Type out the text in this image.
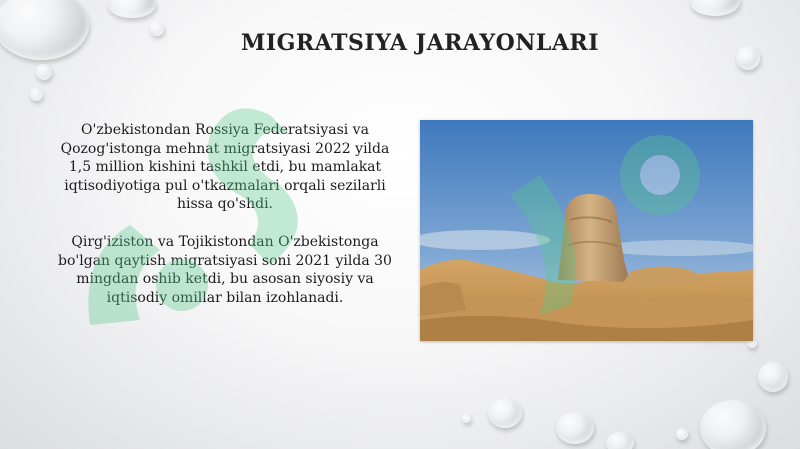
MIGRATSIYA JARAYONLARI
O'zbekistondan Rossiya Federatsiyasi va Qozog'istonga mehnat migratsiyasi 2022 yilda 1,5 million kishini tashkil etdi, bu mamlakat iqtisodiyotiga pul o'tkazmalari orqali sezilarli hissa qo'shdi.
Qirg'iziston va Tojikistondan O'zbekistonga bo'lgan qaytish migratsiyasi soni 2021 yilda 30 mingdan oshib ketdi, bu asosan siyosiy va iqtisodiy omillar bilan izohlanadi.
